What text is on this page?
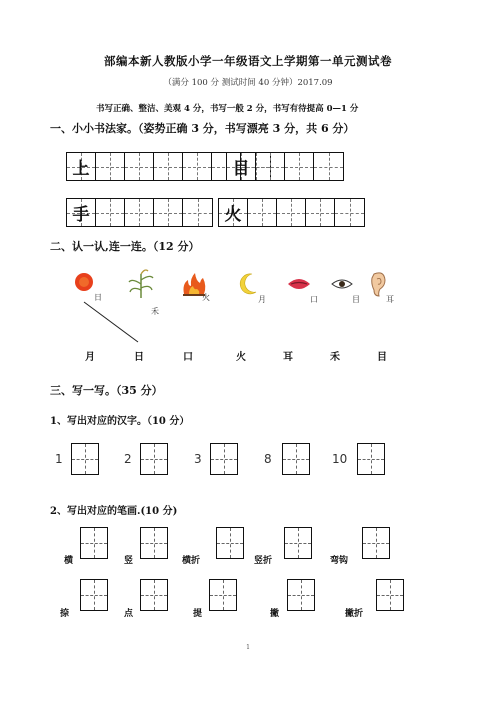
部编本新人教版小学一年级语文上学期第一单元测试卷
（满分 100 分 测试时间 40 分钟）2017.09
书写正确、整洁、美观 4 分，书写一般 2 分，书写有待提高 0—1 分
一、小小书法家。（姿势正确 3 分，书写漂亮 3 分，共 6 分）
上	目
手	火
二、认一认,连一连。（12 分）
日
禾
火	月	口	目	耳
月	日	口	火	耳	禾	目
三、写一写。（35 分）
1、写出对应的汉字。（10 分）
1	2	3	8	10
2、写出对应的笔画.(10 分)
横	竖	横折	竖折	弯钩
捺	点	提	撇	撇折
1
